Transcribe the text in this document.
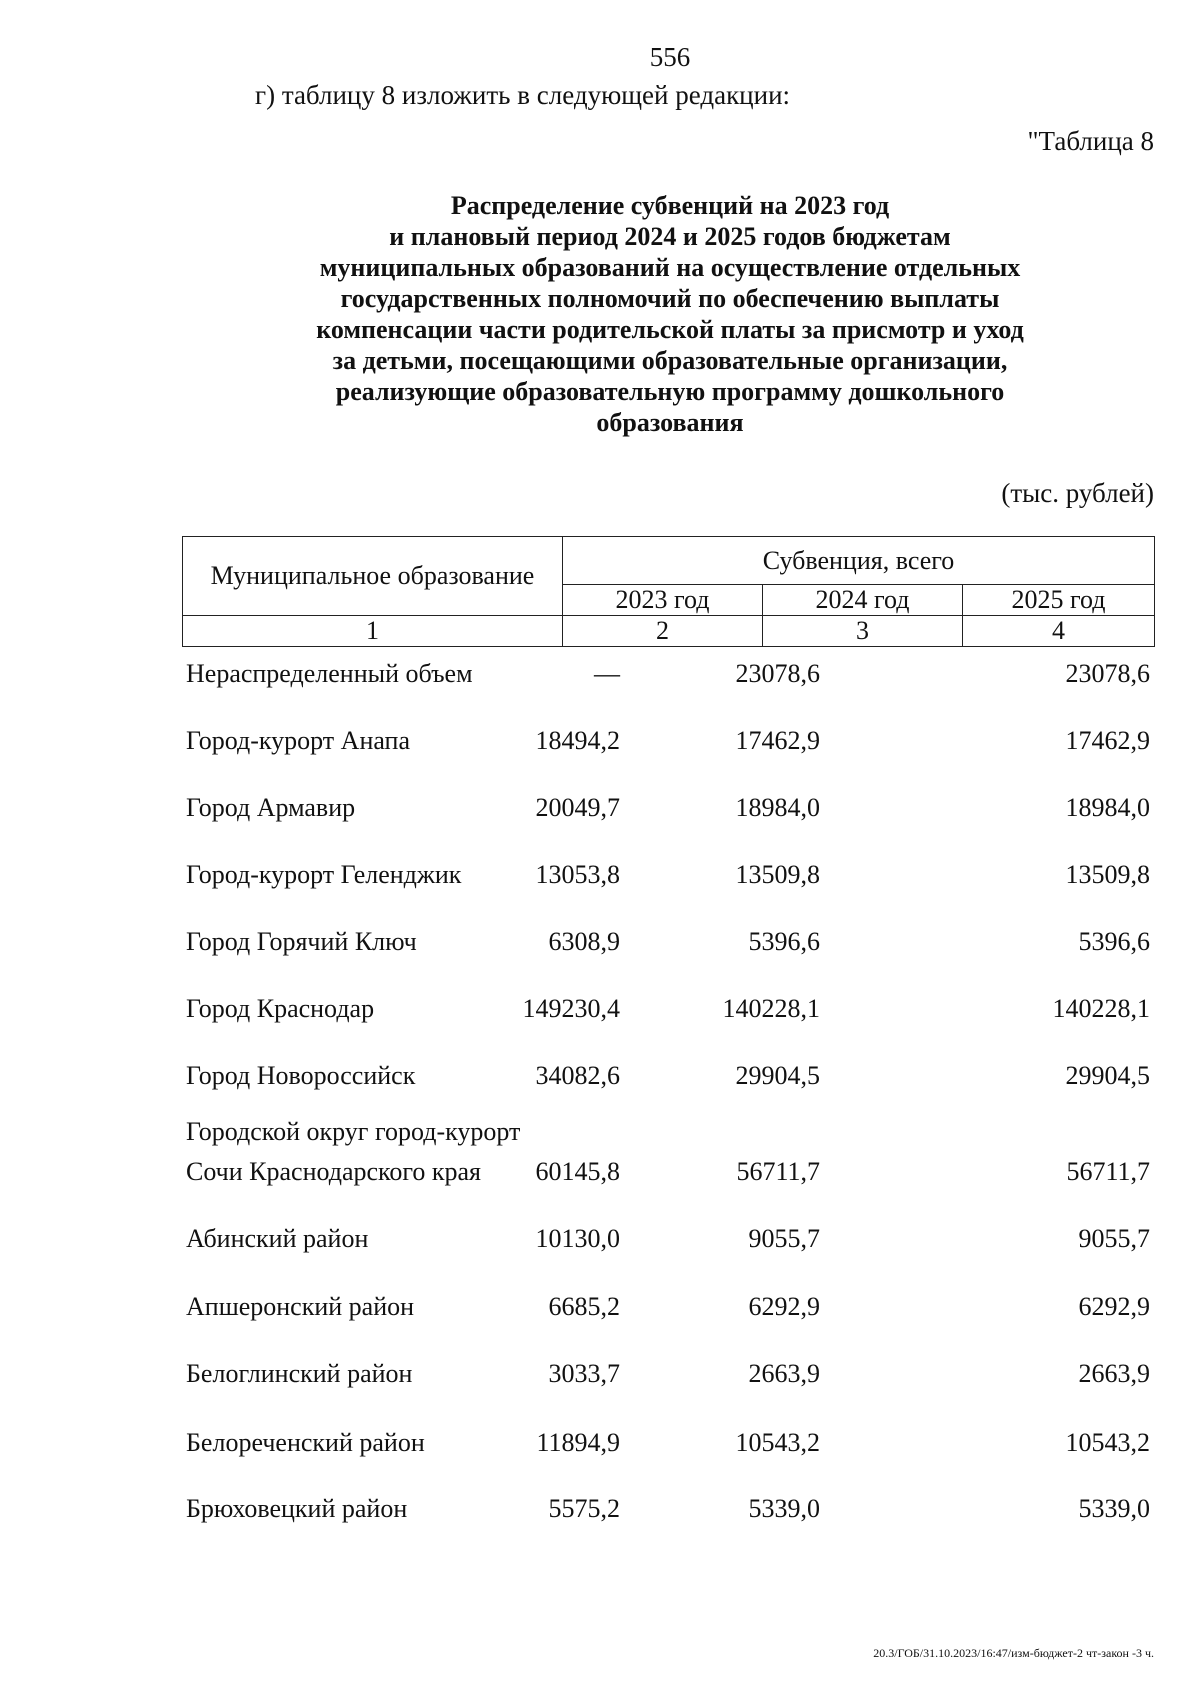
556
г) таблицу 8 изложить в следующей редакции:
"Таблица 8
Распределение субвенций на 2023 год
и плановый период 2024 и 2025 годов бюджетам
муниципальных образований на осуществление отдельных
государственных полномочий по обеспечению выплаты
компенсации части родительской платы за присмотр и уход
за детьми, посещающими образовательные организации,
реализующие образовательную программу дошкольного
образования
(тыс. рублей)
Муниципальное образование	Субвенция, всего		
	2023 год	2024 год	2025 год
1	2	3	4
Нераспределенный объем	—	23078,6	23078,6
Город-курорт Анапа	18494,2	17462,9	17462,9
Город Армавир	20049,7	18984,0	18984,0
Город-курорт Геленджик	13053,8	13509,8	13509,8
Город Горячий Ключ	6308,9	5396,6	5396,6
Город Краснодар	149230,4	140228,1	140228,1
Город Новороссийск	34082,6	29904,5	29904,5
Городской округ город-курорт
Сочи Краснодарского края	60145,8	56711,7	56711,7
Абинский район	10130,0	9055,7	9055,7
Апшеронский район	6685,2	6292,9	6292,9
Белоглинский район	3033,7	2663,9	2663,9
Белореченский район	11894,9	10543,2	10543,2
Брюховецкий район	5575,2	5339,0	5339,0
20.3/ГОБ/31.10.2023/16:47/изм-бюджет-2 чт-закон -3 ч.
